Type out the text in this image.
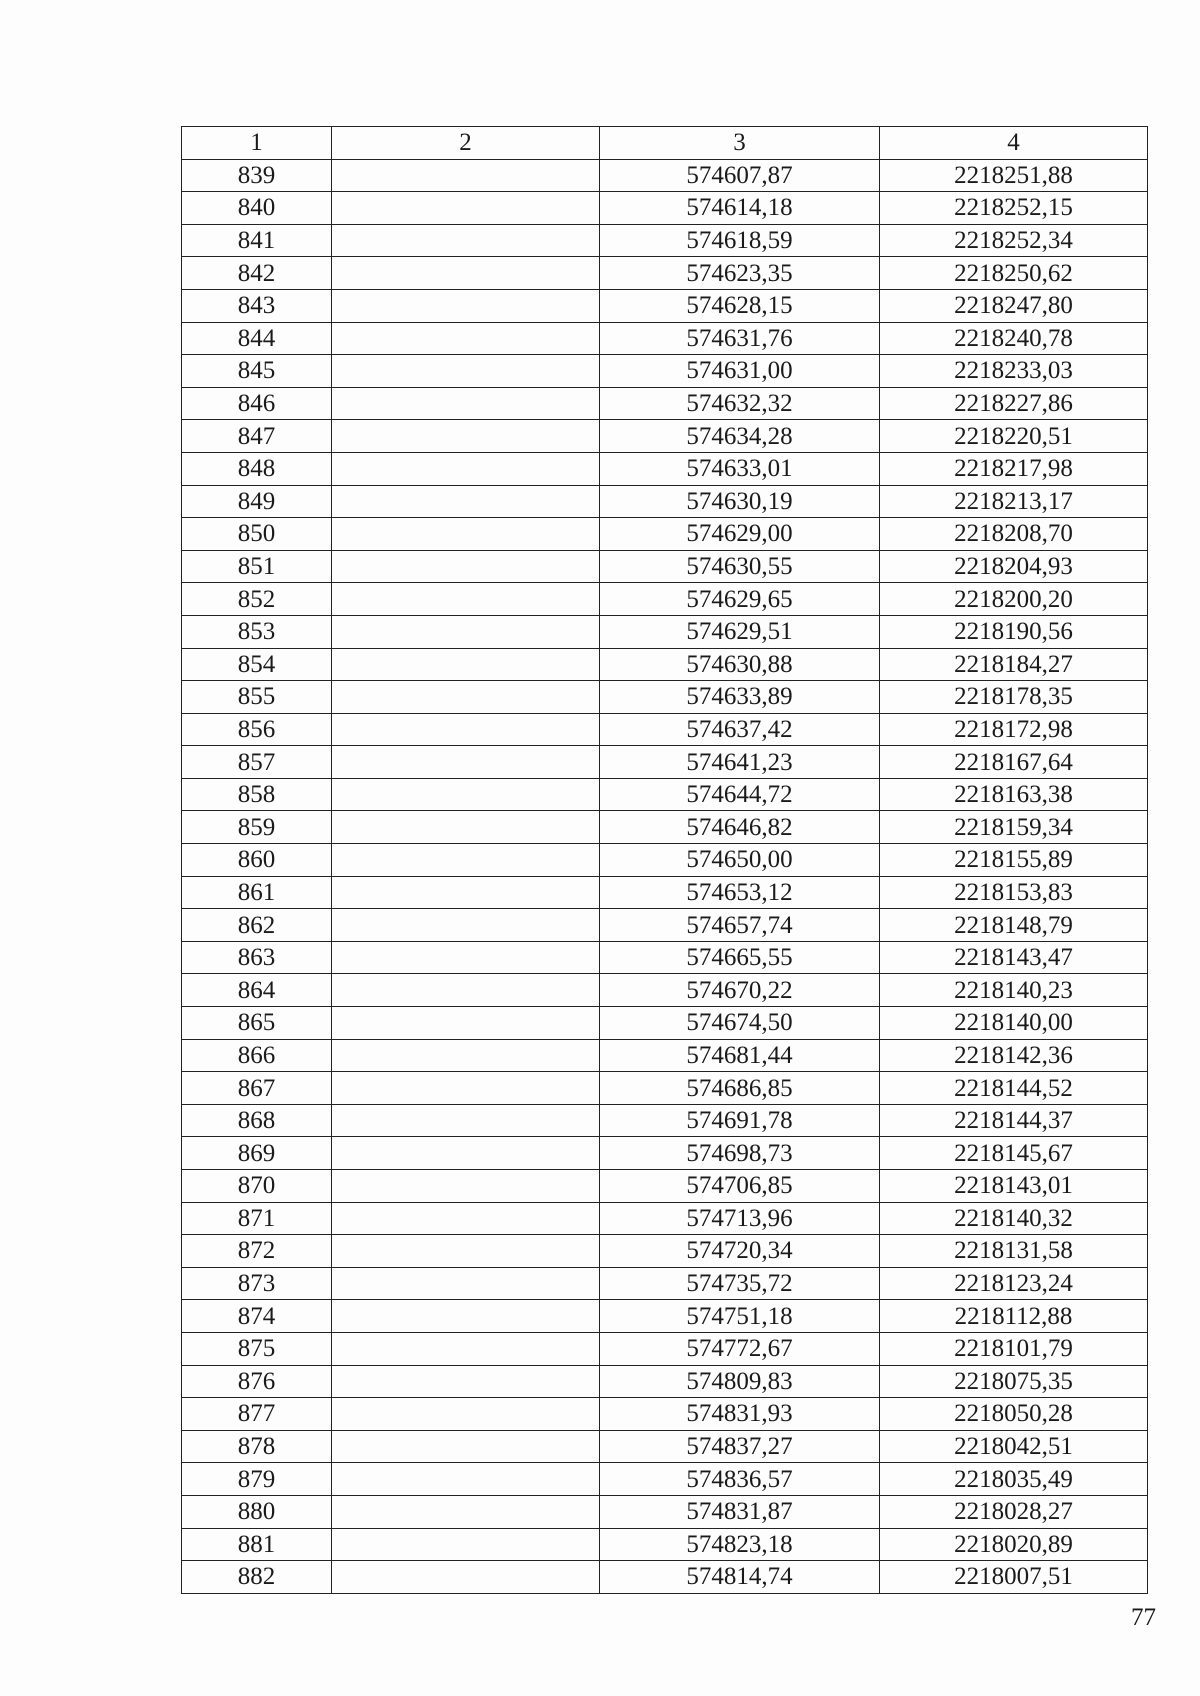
1	2	3	4
839		574607,87	2218251,88
840		574614,18	2218252,15
841		574618,59	2218252,34
842		574623,35	2218250,62
843		574628,15	2218247,80
844		574631,76	2218240,78
845		574631,00	2218233,03
846		574632,32	2218227,86
847		574634,28	2218220,51
848		574633,01	2218217,98
849		574630,19	2218213,17
850		574629,00	2218208,70
851		574630,55	2218204,93
852		574629,65	2218200,20
853		574629,51	2218190,56
854		574630,88	2218184,27
855		574633,89	2218178,35
856		574637,42	2218172,98
857		574641,23	2218167,64
858		574644,72	2218163,38
859		574646,82	2218159,34
860		574650,00	2218155,89
861		574653,12	2218153,83
862		574657,74	2218148,79
863		574665,55	2218143,47
864		574670,22	2218140,23
865		574674,50	2218140,00
866		574681,44	2218142,36
867		574686,85	2218144,52
868		574691,78	2218144,37
869		574698,73	2218145,67
870		574706,85	2218143,01
871		574713,96	2218140,32
872		574720,34	2218131,58
873		574735,72	2218123,24
874		574751,18	2218112,88
875		574772,67	2218101,79
876		574809,83	2218075,35
877		574831,93	2218050,28
878		574837,27	2218042,51
879		574836,57	2218035,49
880		574831,87	2218028,27
881		574823,18	2218020,89
882		574814,74	2218007,51
77
